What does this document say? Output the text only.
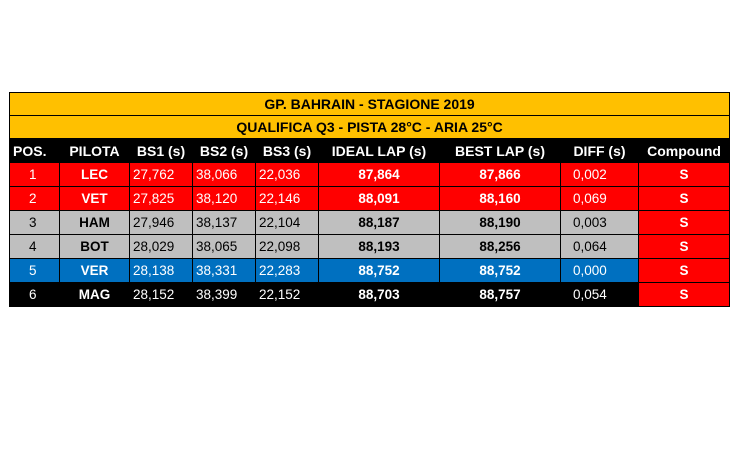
GP. BAHRAIN - STAGIONE 2019								
QUALIFICA Q3 - PISTA 28°C - ARIA 25°C								
POS.	PILOTA	BS1 (s)	BS2 (s)	BS3 (s)	IDEAL LAP (s)	BEST LAP (s)	DIFF (s)	Compound
1	LEC	27,762	38,066	22,036	87,864	87,866	0,002	S
2	VET	27,825	38,120	22,146	88,091	88,160	0,069	S
3	HAM	27,946	38,137	22,104	88,187	88,190	0,003	S
4	BOT	28,029	38,065	22,098	88,193	88,256	0,064	S
5	VER	28,138	38,331	22,283	88,752	88,752	0,000	S
6	MAG	28,152	38,399	22,152	88,703	88,757	0,054	S
